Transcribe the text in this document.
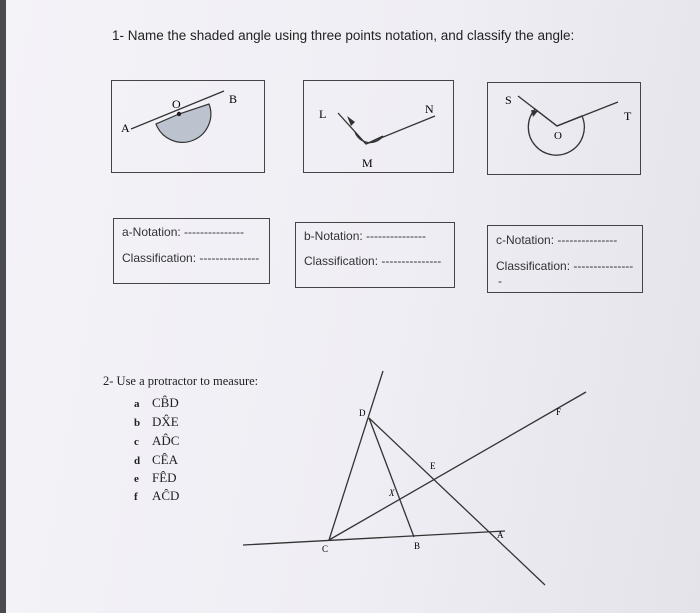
1- Name the shaded angle using three points notation, and classify the angle:
A
O	B
L	N
M
S
T
O
a-Notation: ---------------
Classification: ---------------
b-Notation: ---------------
Classification: ---------------
c-Notation: ---------------
Classification: ---------------
-
2- Use a protractor to measure:
a CB̂D
b DX̂E
c AD̂C
d CÊA
e FÊD
f AĈD
D	F
E
X
C	B
A
